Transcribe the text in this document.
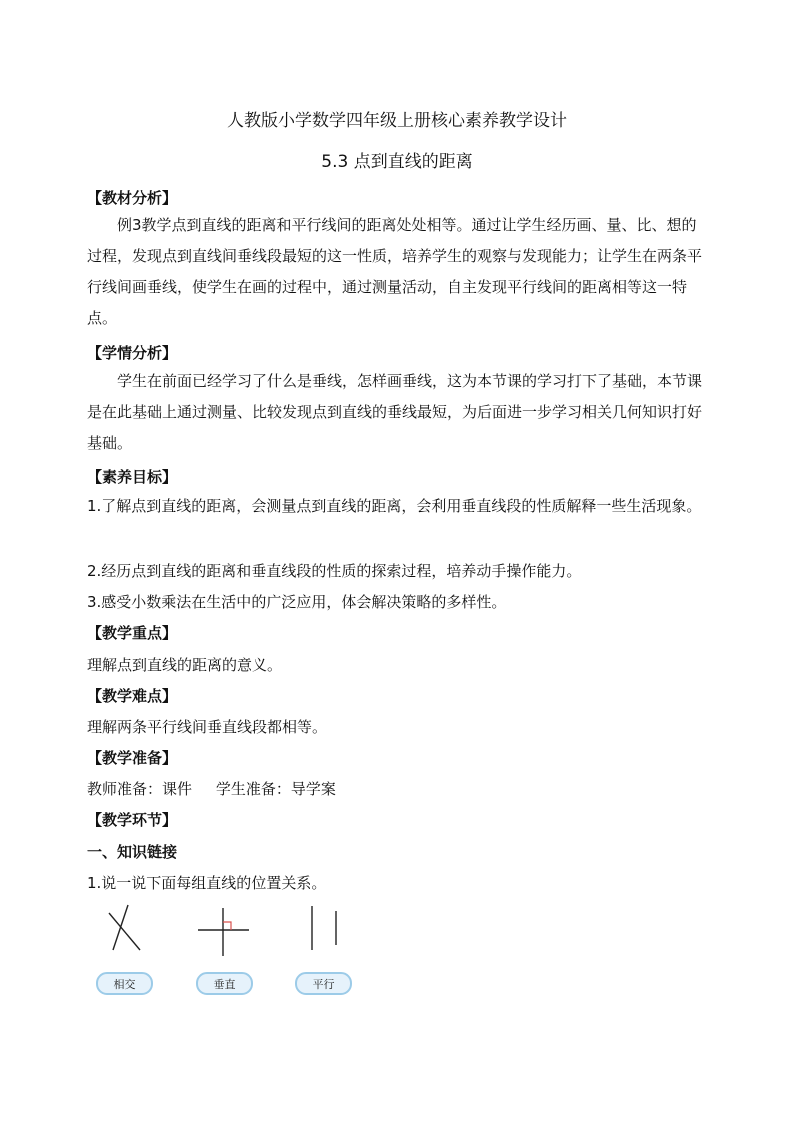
人教版小学数学四年级上册核心素养教学设计
5.3 点到直线的距离
【教材分析】
例3教学点到直线的距离和平行线间的距离处处相等。通过让学生经历画、量、比、想的过程，发现点到直线间垂线段最短的这一性质，培养学生的观察与发现能力；让学生在两条平行线间画垂线，使学生在画的过程中，通过测量活动，自主发现平行线间的距离相等这一特点。
【学情分析】
学生在前面已经学习了什么是垂线，怎样画垂线，这为本节课的学习打下了基础，本节课是在此基础上通过测量、比较发现点到直线的垂线最短，为后面进一步学习相关几何知识打好基础。
【素养目标】
1.了解点到直线的距离，会测量点到直线的距离，会利用垂直线段的性质解释一些生活现象。
2.经历点到直线的距离和垂直线段的性质的探索过程，培养动手操作能力。
3.感受小数乘法在生活中的广泛应用，体会解决策略的多样性。
【教学重点】
理解点到直线的距离的意义。
【教学难点】
理解两条平行线间垂直线段都相等。
【教学准备】
教师准备：课件     学生准备：导学案
【教学环节】
一、知识链接
1.说一说下面每组直线的位置关系。
相交	垂直	平行
